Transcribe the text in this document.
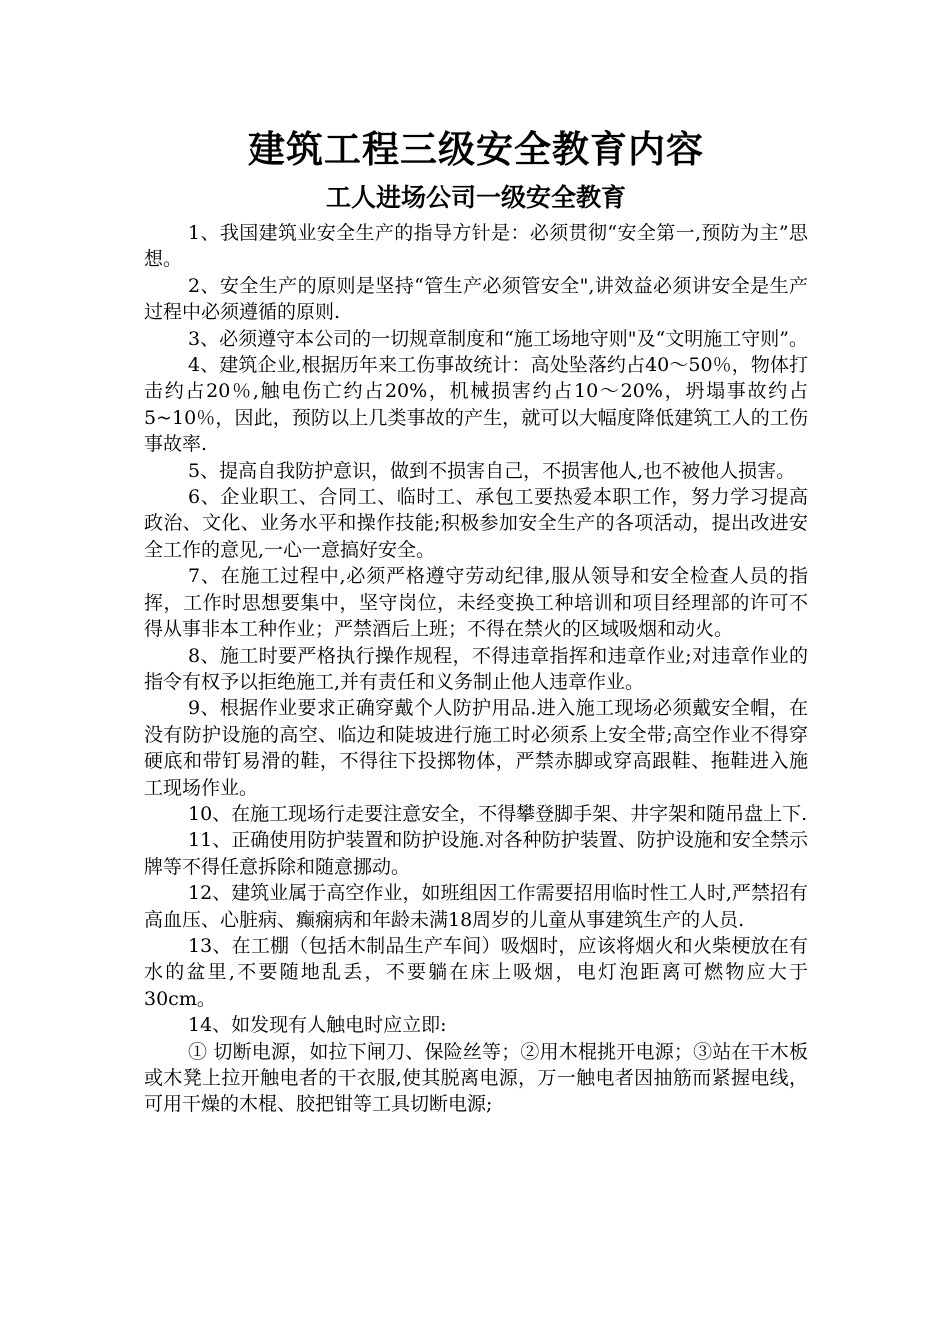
建筑工程三级安全教育内容
工人进场公司一级安全教育

1、我国建筑业安全生产的指导方针是：必须贯彻“安全第一,预防为主”思想。

2、安全生产的原则是坚持“管生产必须管安全",讲效益必须讲安全是生产过程中必须遵循的原则.

3、必须遵守本公司的一切规章制度和“施工场地守则"及“文明施工守则”。

4、建筑企业,根据历年来工伤事故统计：高处坠落约占40～50％，物体打击约占20％,触电伤亡约占20%，机械损害约占10～20%，坍塌事故约占5~10％，因此，预防以上几类事故的产生，就可以大幅度降低建筑工人的工伤事故率.

5、提高自我防护意识，做到不损害自己，不损害他人,也不被他人损害。

6、企业职工、合同工、临时工、承包工要热爱本职工作，努力学习提高政治、文化、业务水平和操作技能;积极参加安全生产的各项活动，提出改进安全工作的意见,一心一意搞好安全。

7、在施工过程中,必须严格遵守劳动纪律,服从领导和安全检查人员的指挥，工作时思想要集中，坚守岗位，未经变换工种培训和项目经理部的许可不得从事非本工种作业；严禁酒后上班；不得在禁火的区域吸烟和动火。

8、施工时要严格执行操作规程，不得违章指挥和违章作业;对违章作业的指令有权予以拒绝施工,并有责任和义务制止他人违章作业。

9、根据作业要求正确穿戴个人防护用品.进入施工现场必须戴安全帽，在没有防护设施的高空、临边和陡坡进行施工时必须系上安全带;高空作业不得穿硬底和带钉易滑的鞋，不得往下投掷物体，严禁赤脚或穿高跟鞋、拖鞋进入施工现场作业。

10、在施工现场行走要注意安全，不得攀登脚手架、井字架和随吊盘上下.

11、正确使用防护装置和防护设施.对各种防护装置、防护设施和安全禁示牌等不得任意拆除和随意挪动。

12、建筑业属于高空作业，如班组因工作需要招用临时性工人时,严禁招有高血压、心脏病、癫痫病和年龄未满18周岁的儿童从事建筑生产的人员.

13、在工棚（包括木制品生产车间）吸烟时，应该将烟火和火柴梗放在有水的盆里,不要随地乱丢，不要躺在床上吸烟，电灯泡距离可燃物应大于30cm。

14、如发现有人触电时应立即:

① 切断电源，如拉下闸刀、保险丝等；②用木棍挑开电源；③站在干木板或木凳上拉开触电者的干衣服,使其脱离电源，万一触电者因抽筋而紧握电线，可用干燥的木棍、胶把钳等工具切断电源;
